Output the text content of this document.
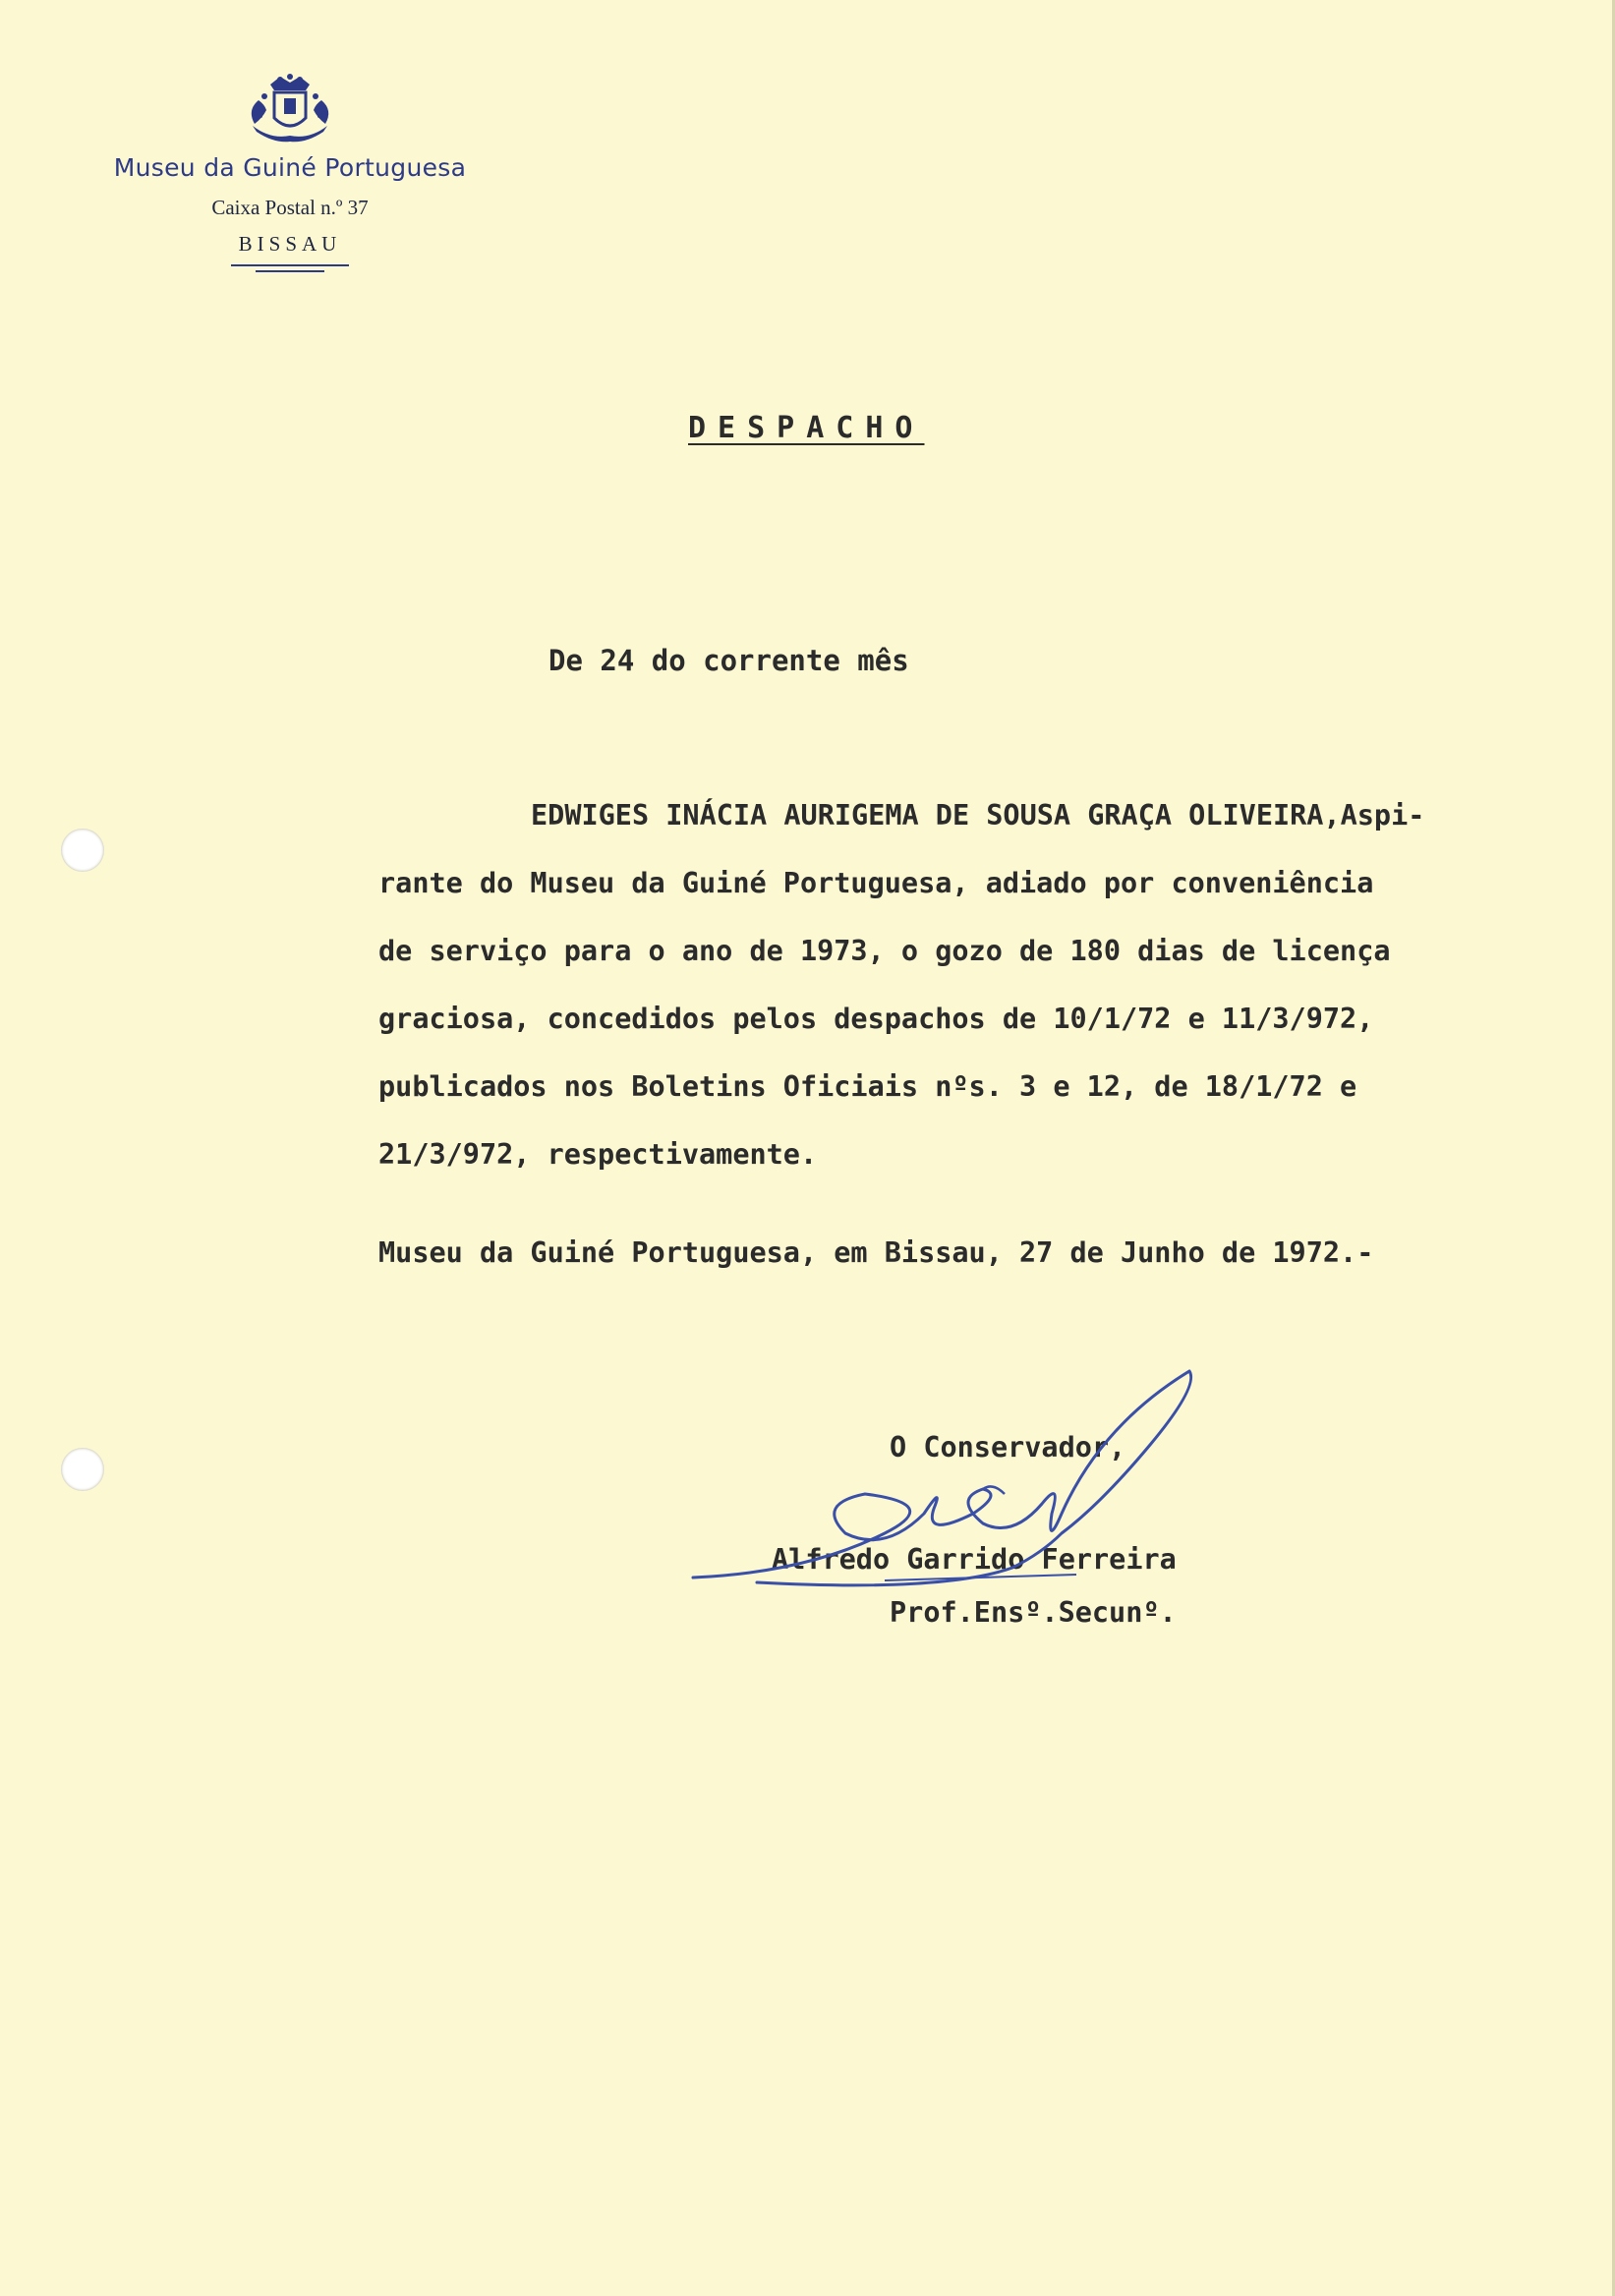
Museu da Guiné Portuguesa
Caixa Postal n.º 37
BISSAU
DESPACHO
De 24 do corrente mês
EDWIGES INÁCIA AURIGEMA DE SOUSA GRAÇA OLIVEIRA,Aspi-
rante do Museu da Guiné Portuguesa, adiado por conveniência
de serviço para o ano de 1973, o gozo de 180 dias de licença
graciosa, concedidos pelos despachos de 10/1/72 e 11/3/972,
publicados nos Boletins Oficiais nºs. 3 e 12, de 18/1/72 e
21/3/972, respectivamente.
Museu da Guiné Portuguesa, em Bissau, 27 de Junho de 1972.-
O Conservador,
Alfredo Garrido Ferreira
Prof.Ensº.Secunº.
